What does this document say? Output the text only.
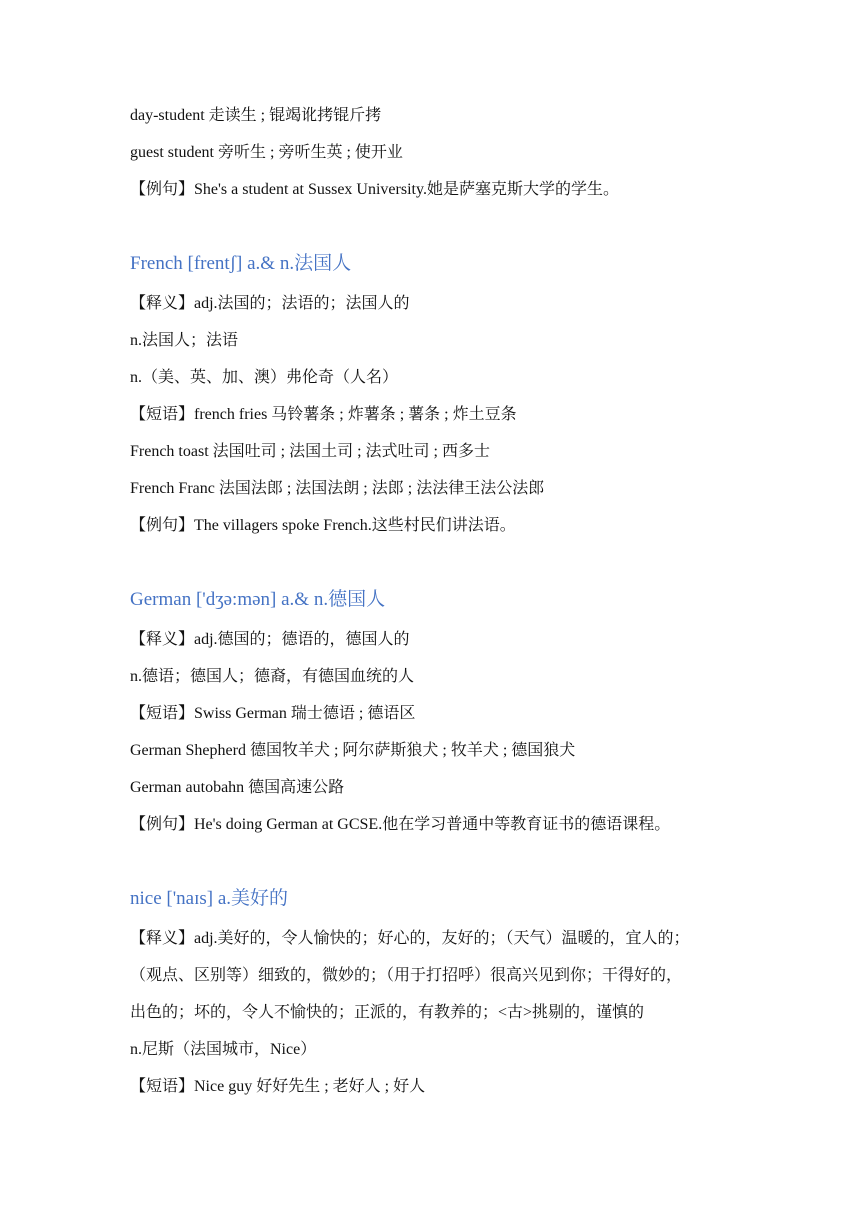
day-student 走读生 ; 锟竭讹拷锟斤拷
guest student 旁听生 ; 旁听生英 ; 使开业
【例句】She's a student at Sussex University.她是萨塞克斯大学的学生。
French [frentʃ] a.& n.法国人
【释义】adj.法国的；法语的；法国人的
n.法国人；法语
n.（美、英、加、澳）弗伦奇（人名）
【短语】french fries 马铃薯条 ; 炸薯条 ; 薯条 ; 炸土豆条
French toast 法国吐司 ; 法国土司 ; 法式吐司 ; 西多士
French Franc 法国法郎 ; 法国法朗 ; 法郎 ; 法法律王法公法郎
【例句】The villagers spoke French.这些村民们讲法语。
German ['dʒə:mən] a.& n.德国人
【释义】adj.德国的；德语的，德国人的
n.德语；德国人；德裔，有德国血统的人
【短语】Swiss German 瑞士德语 ; 德语区
German Shepherd 德国牧羊犬 ; 阿尔萨斯狼犬 ; 牧羊犬 ; 德国狼犬
German autobahn 德国高速公路
【例句】He's doing German at GCSE.他在学习普通中等教育证书的德语课程。
nice ['naɪs] a.美好的
【释义】adj.美好的，令人愉快的；好心的，友好的；（天气）温暖的，宜人的；
（观点、区别等）细致的，微妙的；（用于打招呼）很高兴见到你；干得好的，
出色的；坏的，令人不愉快的；正派的，有教养的；<古>挑剔的，谨慎的
n.尼斯（法国城市，Nice）
【短语】Nice guy 好好先生 ; 老好人 ; 好人
